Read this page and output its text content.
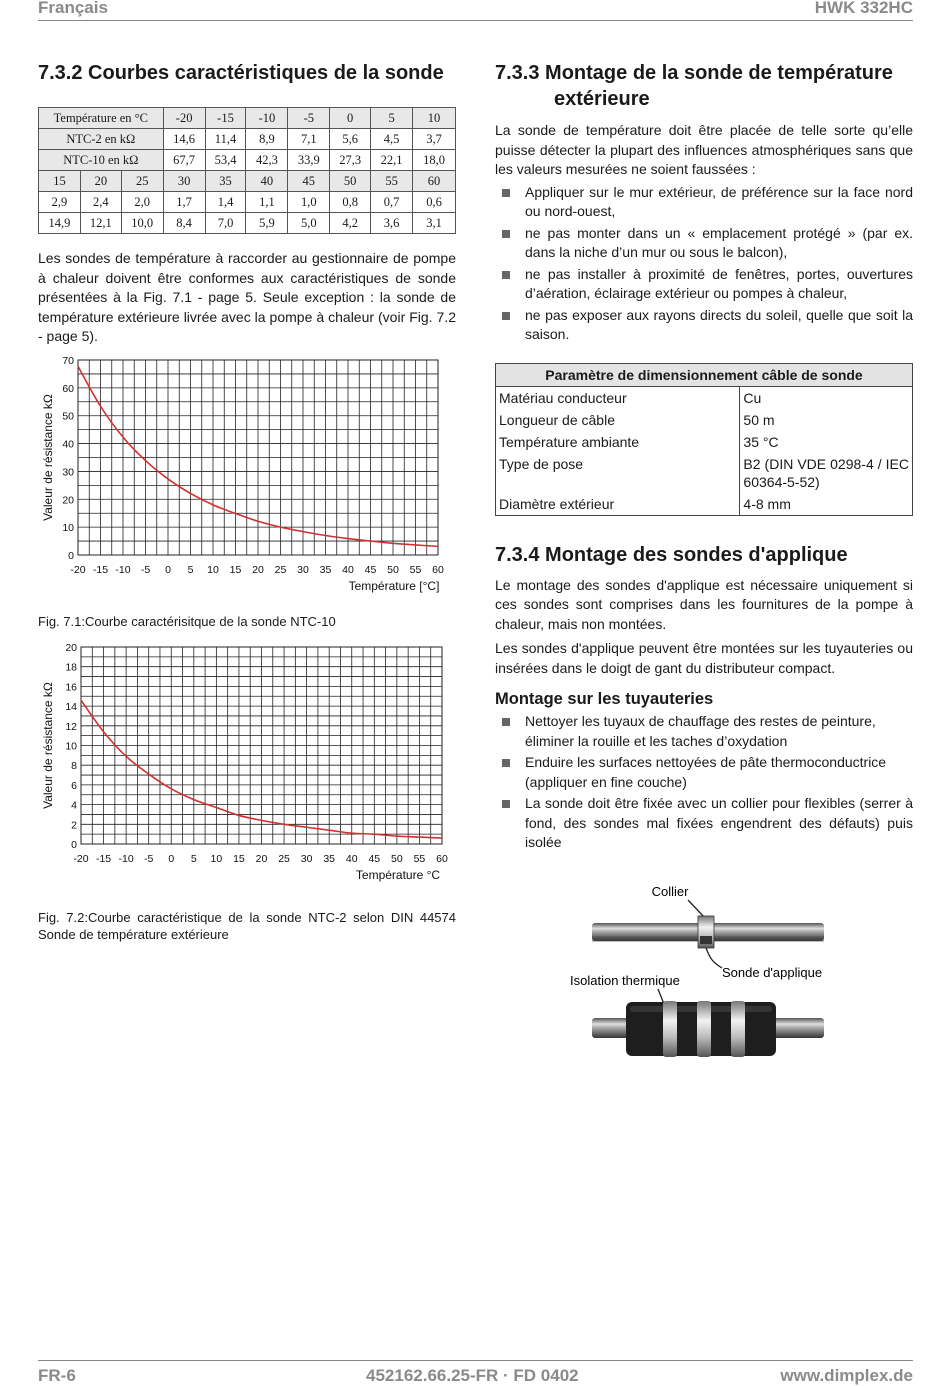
Français	HWK 332HC
7.3.2 Courbes caractéristiques de la sonde
Température en °C			-20	-15	-10	-5	0	5	10
NTC-2 en kΩ			14,6	11,4	8,9	7,1	5,6	4,5	3,7
NTC-10 en kΩ			67,7	53,4	42,3	33,9	27,3	22,1	18,0
15	20	25	30	35	40	45	50	55	60
2,9	2,4	2,0	1,7	1,4	1,1	1,0	0,8	0,7	0,6
14,9	12,1	10,0	8,4	7,0	5,9	5,0	4,2	3,6	3,1

Les sondes de température à raccorder au gestionnaire de pompe à chaleur doivent être conformes aux caractéristiques de sonde présentées à la Fig. 7.1 - page 5. Seule exception : la sonde de température extérieure livrée avec la pompe à chaleur (voir Fig. 7.2 - page 5).

-20 -15 -10 -5 0 5 10 15 20 25 30 35 40 45 50 55 60
0
10
20
30
40
50
60
70
Température [°C]
Valeur de résistance kΩ
Fig. 7.1:Courbe caractérisitque de la sonde NTC-10
-20 -15 -10 -5 0 5 10 15 20 25 30 35 40 45 50 55 60
0
2
4
6
8
10
12
14
16
18
20
Température °C
Valeur de résistance kΩ
Fig. 7.2:Courbe caractéristique de la sonde NTC-2 selon DIN 44574 Sonde de température extérieure
7.3.3 Montage de la sonde de température extérieure

La sonde de température doit être placée de telle sorte qu’elle puisse détecter la plupart des influences atmosphériques sans que les valeurs mesurées ne soient faussées :

Appliquer sur le mur extérieur, de préférence sur la face nord ou nord-ouest,
ne pas monter dans un « emplacement protégé » (par ex. dans la niche d’un mur ou sous le balcon),
ne pas installer à proximité de fenêtres, portes, ouvertures d’aération, éclairage extérieur ou pompes à chaleur,
ne pas exposer aux rayons directs du soleil, quelle que soit la saison.
Paramètre de dimensionnement câble de sonde	
Matériau conducteur	Cu
Longueur de câble	50 m
Température ambiante	35 °C
Type de pose	B2 (DIN VDE 0298-4 / IEC 60364-5-52)
Diamètre extérieur	4-8 mm
7.3.4 Montage des sondes d'applique

Le montage des sondes d'applique est nécessaire uniquement si ces sondes sont comprises dans les fournitures de la pompe à chaleur, mais non montées.

Les sondes d'applique peuvent être montées sur les tuyauteries ou insérées dans le doigt de gant du distributeur compact.

Montage sur les tuyauteries
Nettoyer les tuyaux de chauffage des restes de peinture, éliminer la rouille et les taches d’oxydation
Enduire les surfaces nettoyées de pâte thermoconductrice (appliquer en fine couche)
La sonde doit être fixée avec un collier pour flexibles (serrer à fond, des sondes mal fixées engendrent des défauts) puis isolée
Collier
Isolation thermique
Sonde d'applique
FR-6	452162.66.25-FR · FD 0402	www.dimplex.de
